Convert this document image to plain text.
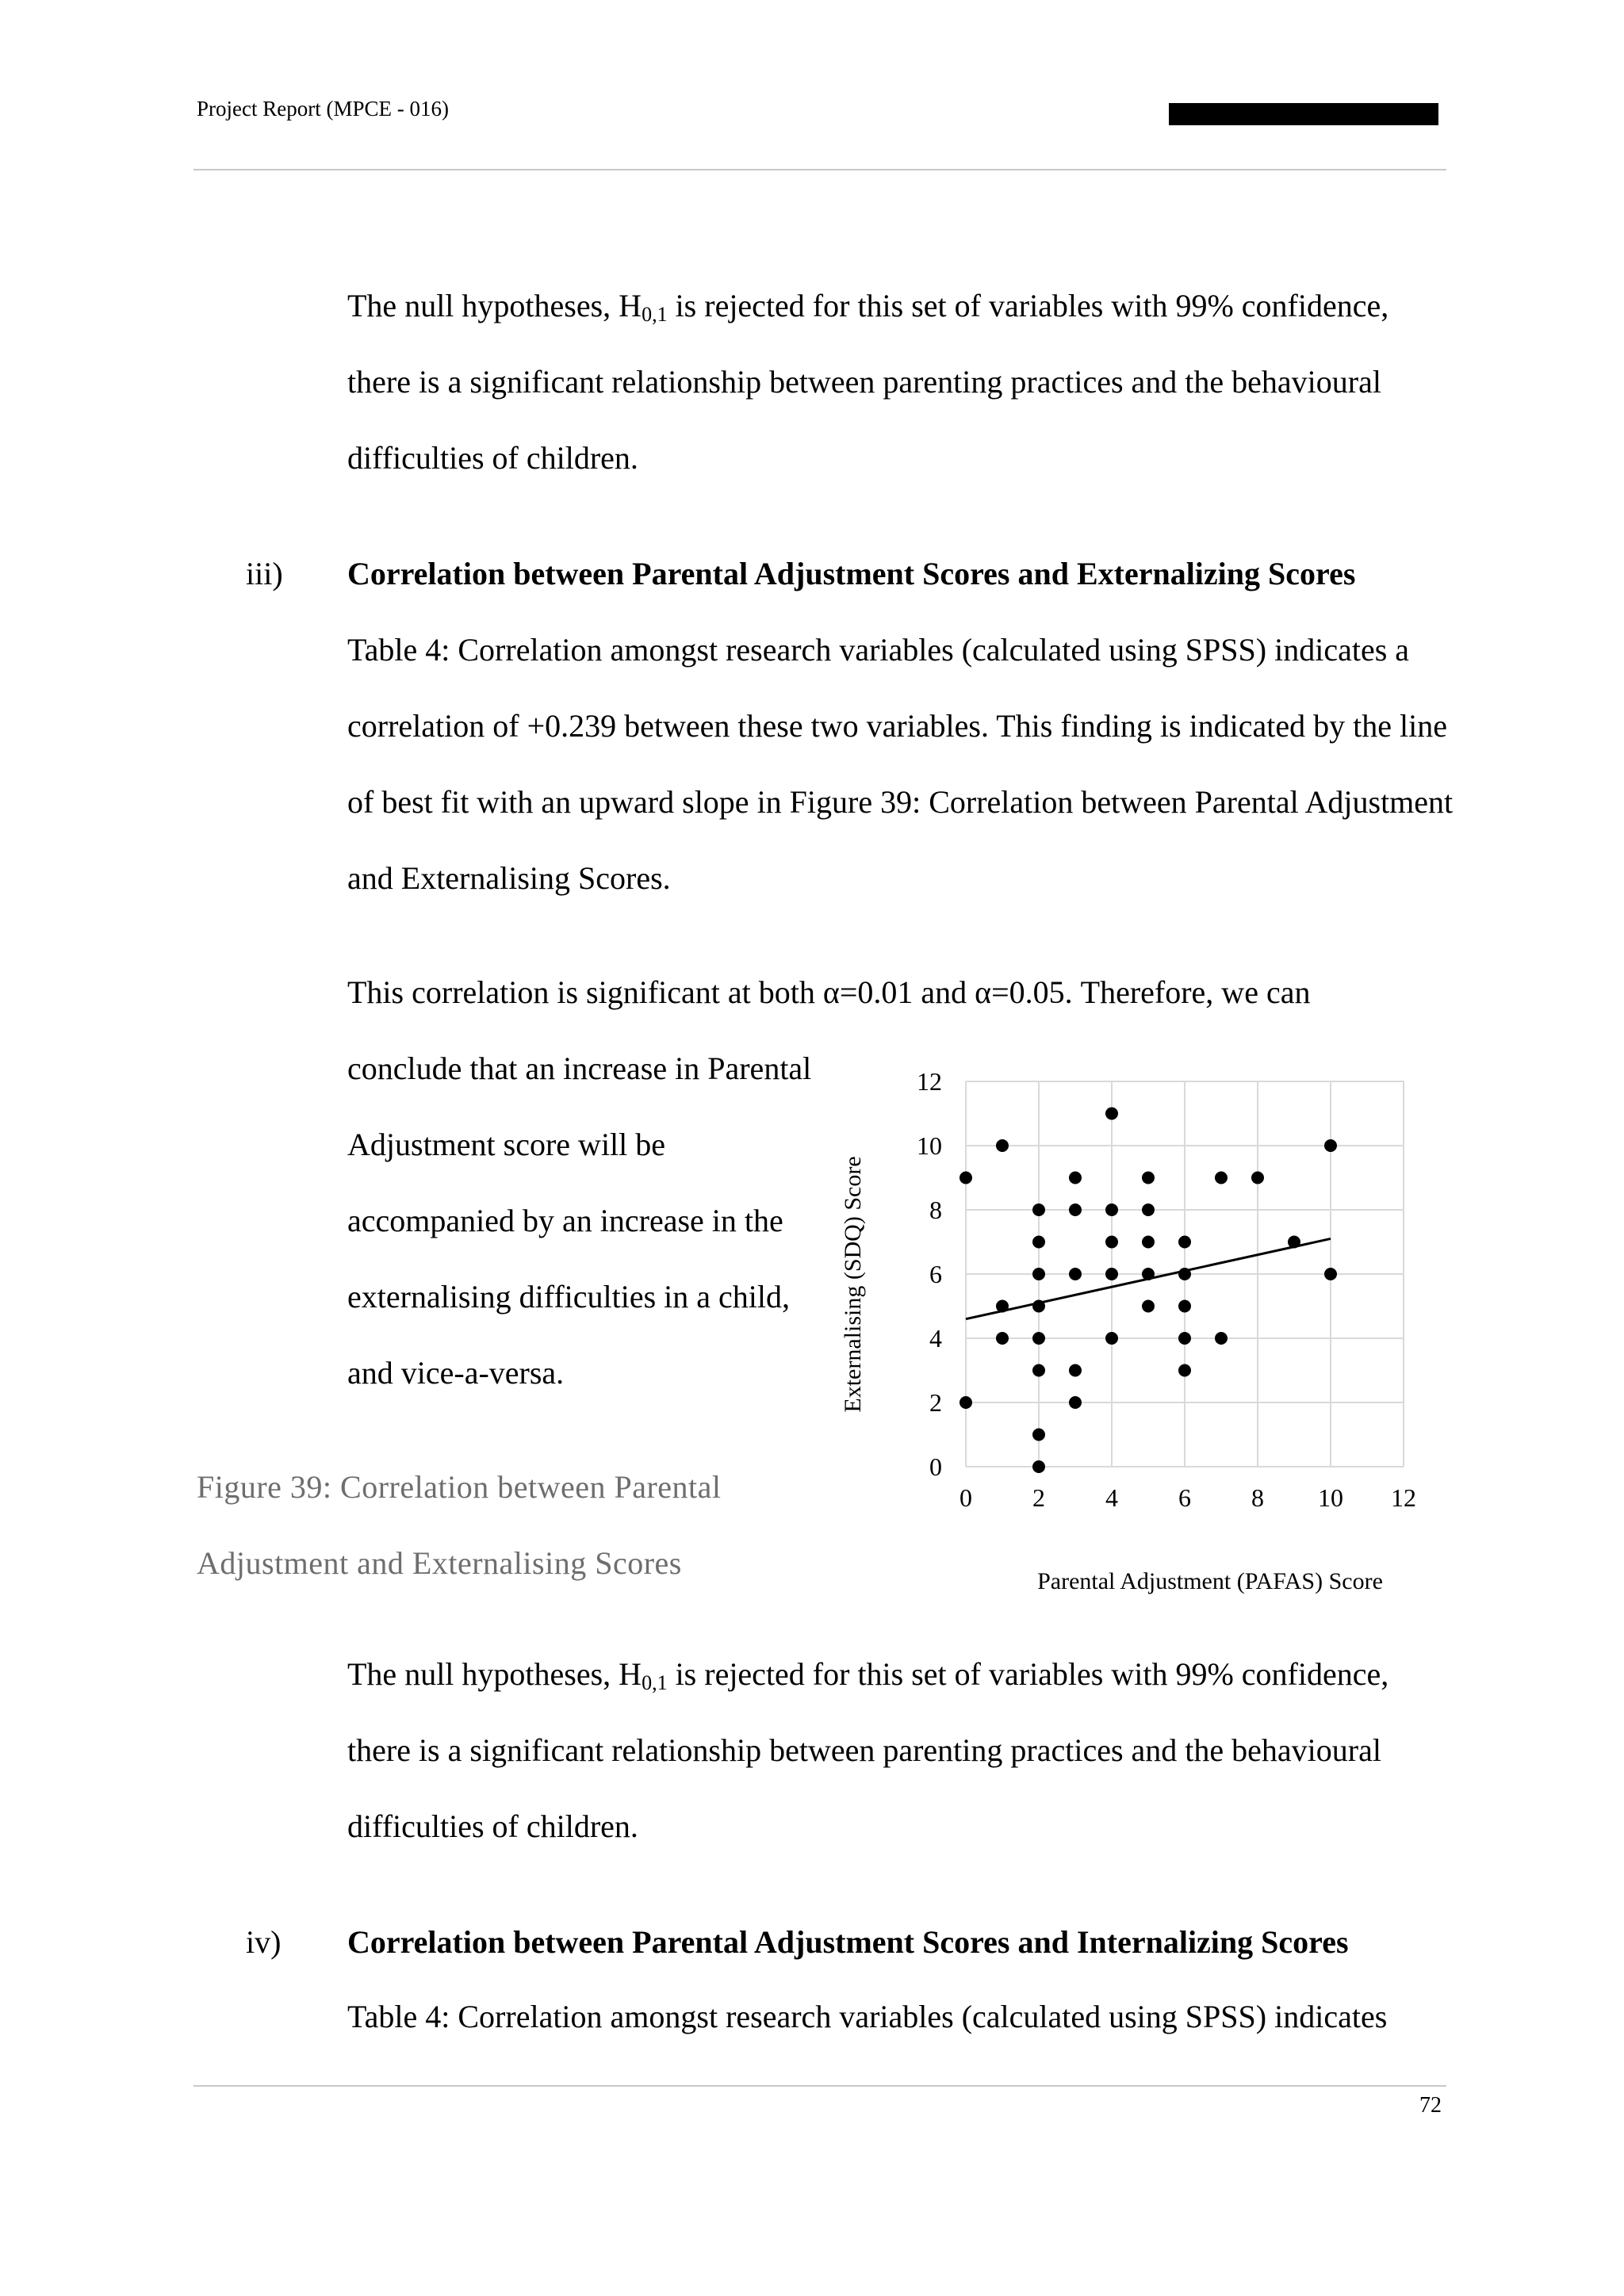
Project Report (MPCE - 016)

The null hypotheses, $H_{0,1}$ is rejected for this set of variables with 99% confidence, there is a significant relationship between parenting practices and the behavioural difficulties of children.

iii) Correlation between Parental Adjustment Scores and Externalizing Scores

Table 4: Correlation amongst research variables (calculated using SPSS) indicates a correlation of +0.239 between these two variables. This finding is indicated by the line of best fit with an upward slope in Figure 39: Correlation between Parental Adjustment and Externalising Scores.

This correlation is significant at both α=0.01 and α=0.05. Therefore, we can

conclude that an increase in Parental Adjustment score will be accompanied by an increase in the externalising difficulties in a child, and vice-a-versa.

Figure 39: Correlation between Parental Adjustment and Externalising Scores

0 2 4 6 8 10 12
0
2
4
6
8
10
12
Externalising (SDQ) Score
Parental Adjustment (PAFAS) Score

The null hypotheses, $H_{0,1}$ is rejected for this set of variables with 99% confidence, there is a significant relationship between parenting practices and the behavioural difficulties of children.

iv) Correlation between Parental Adjustment Scores and Internalizing Scores

Table 4: Correlation amongst research variables (calculated using SPSS) indicates

72
